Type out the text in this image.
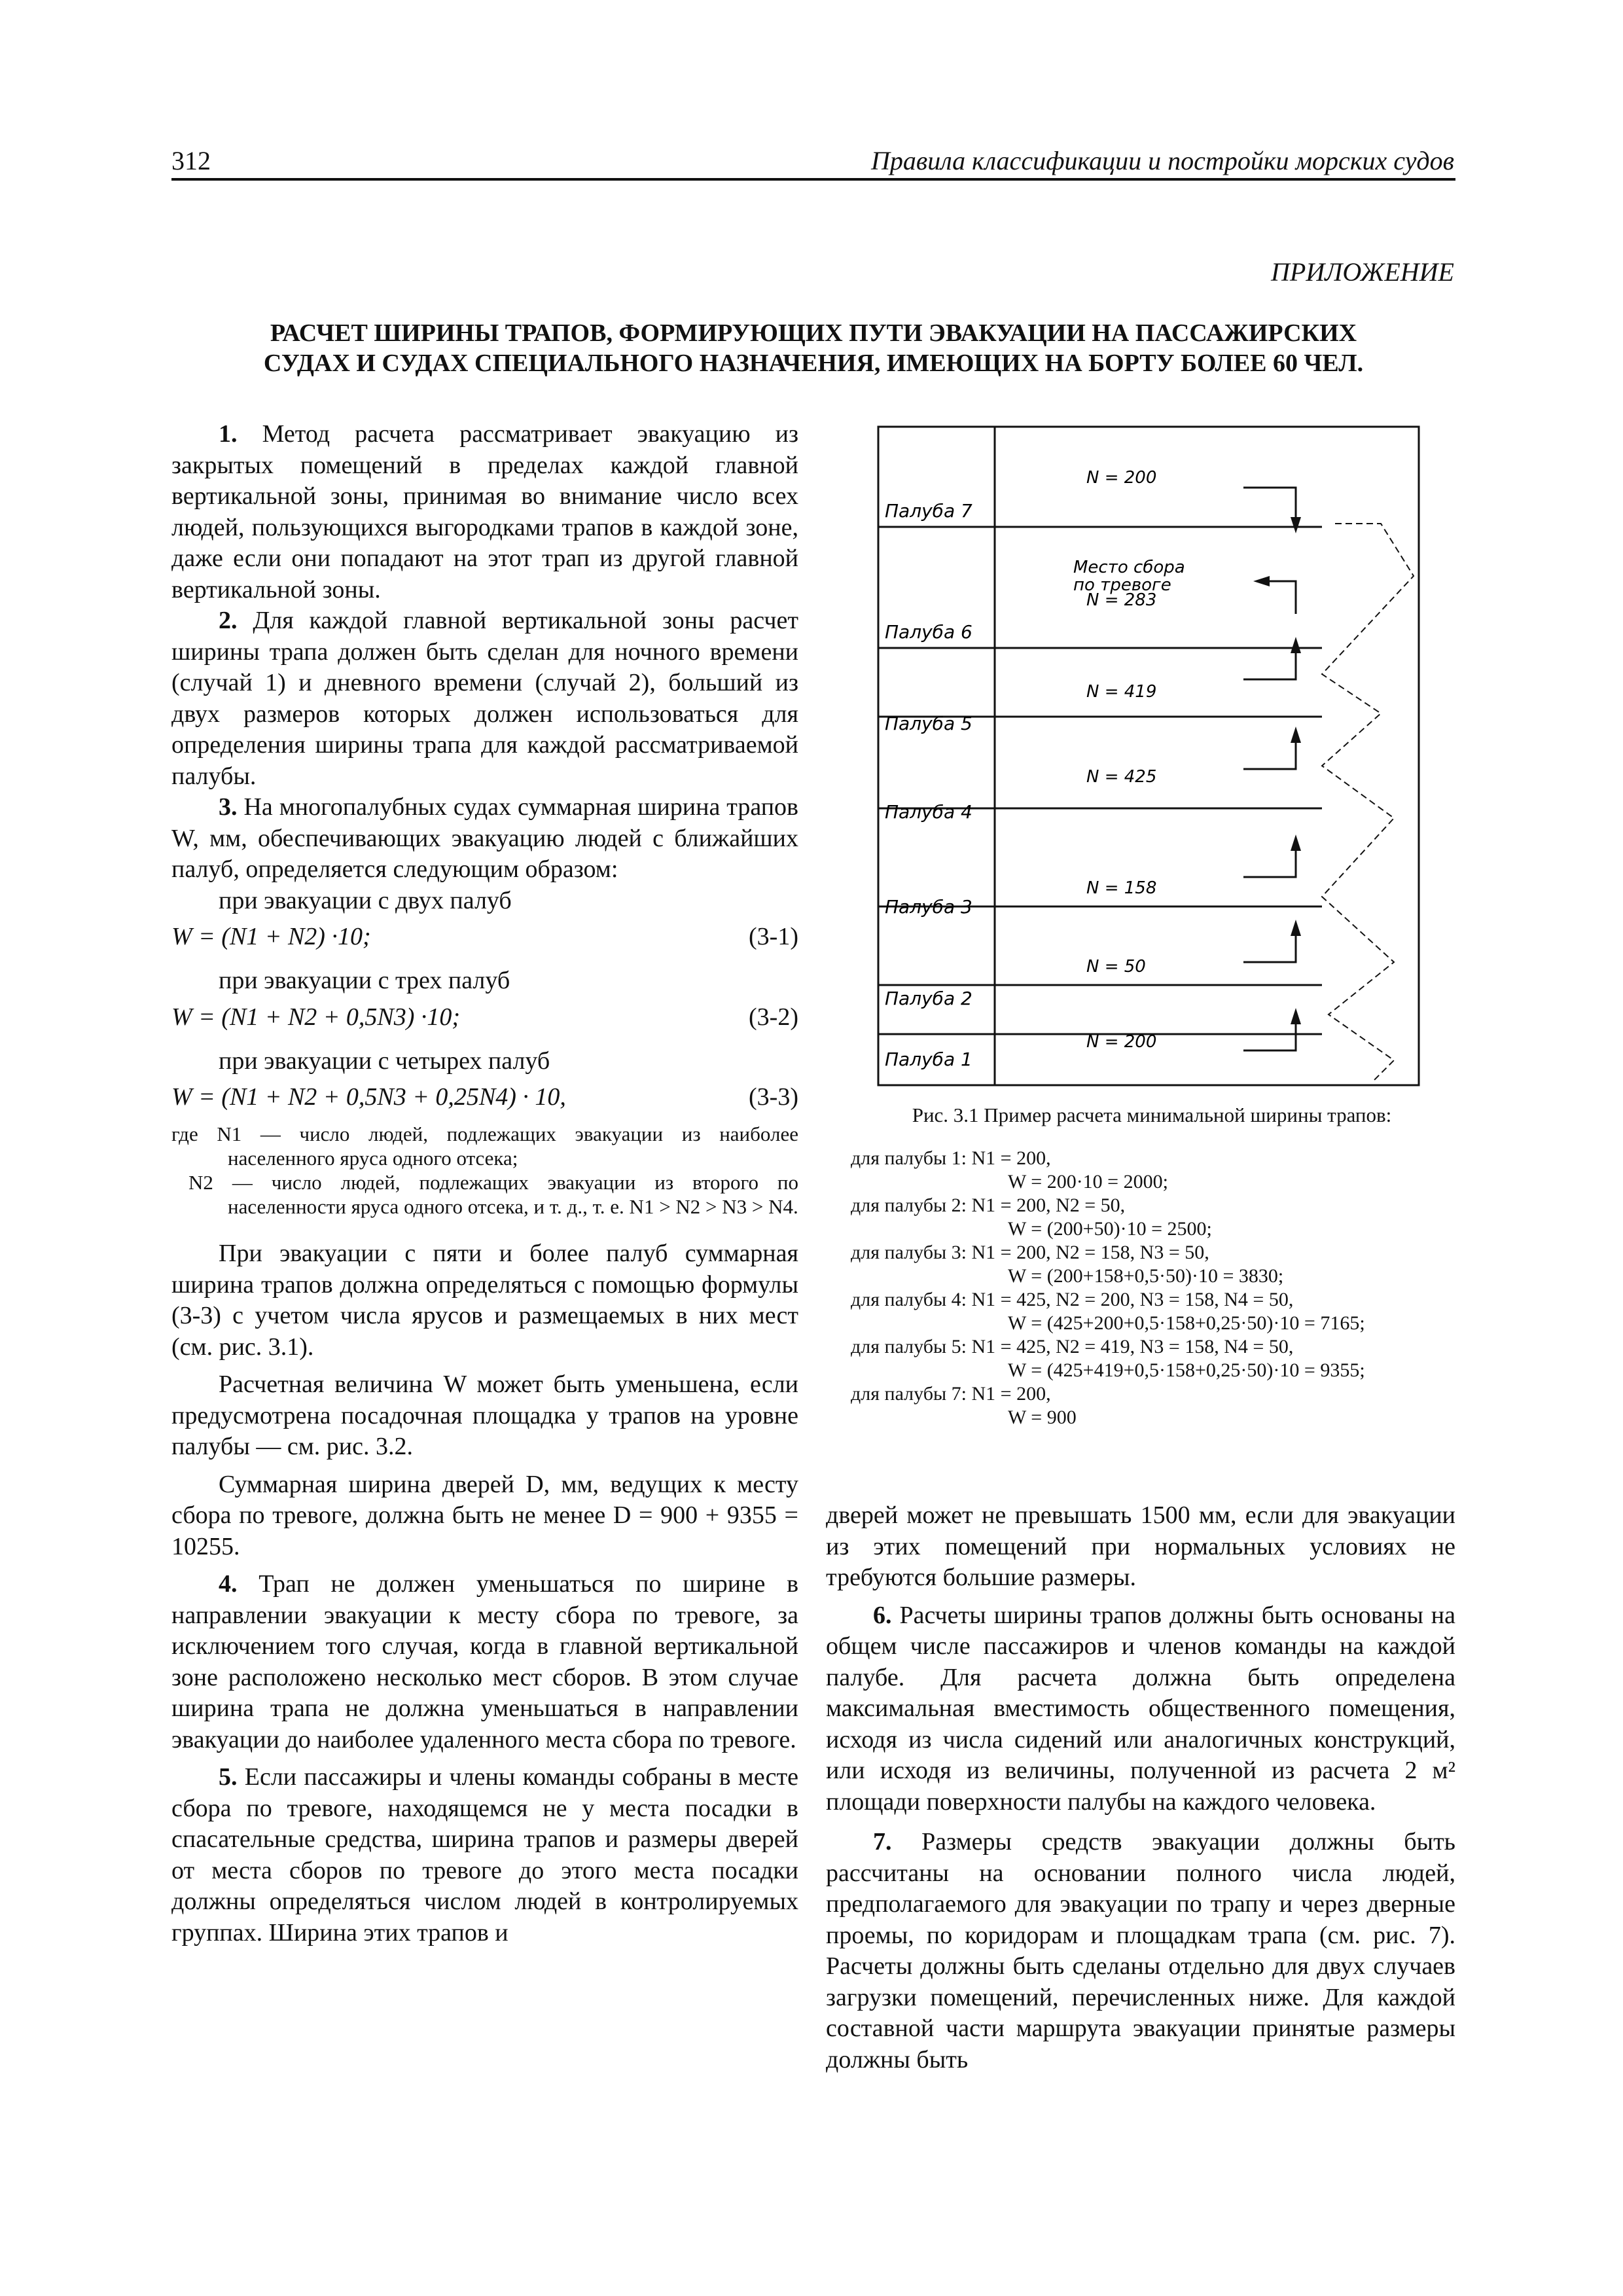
312	Правила классификации и постройки морских судов
ПРИЛОЖЕНИЕ
РАСЧЕТ ШИРИНЫ ТРАПОВ, ФОРМИРУЮЩИХ ПУТИ ЭВАКУАЦИИ НА ПАССАЖИРСКИХ
СУДАХ И СУДАХ СПЕЦИАЛЬНОГО НАЗНАЧЕНИЯ, ИМЕЮЩИХ НА БОРТУ БОЛЕЕ 60 ЧЕЛ.

1. Метод расчета рассматривает эвакуацию из закрытых помещений в пределах каждой главной вертикальной зоны, принимая во внимание число всех людей, пользующихся выгородками трапов в каждой зоне, даже если они попадают на этот трап из другой главной вертикальной зоны.

2. Для каждой главной вертикальной зоны расчет ширины трапа должен быть сделан для ночного времени (случай 1) и дневного времени (случай 2), больший из двух размеров которых должен использоваться для определения ширины трапа для каждой рассматриваемой палубы.

3. На многопалубных судах суммарная ширина трапов W, мм, обеспечивающих эвакуацию людей с ближайших палуб, определяется следующим образом:

при эвакуации с двух палуб

W = (N1 + N2) ·10;	(3-1)

при эвакуации с трех палуб

W = (N1 + N2 + 0,5N3) ·10;	(3-2)

при эвакуации с четырех палуб

W = (N1 + N2 + 0,5N3 + 0,25N4) · 10,	(3-3)
где N1 — число людей, подлежащих эвакуации из наиболее населенного яруса одного отсека;
N2 — число людей, подлежащих эвакуации из второго по населенности яруса одного отсека, и т. д., т. е. N1 > N2 > N3 > N4.

При эвакуации с пяти и более палуб суммарная ширина трапов должна определяться с помощью формулы (3-3) с учетом числа ярусов и размещаемых в них мест (см. рис. 3.1).

Расчетная величина W может быть уменьшена, если предусмотрена посадочная площадка у трапов на уровне палубы — см. рис. 3.2.

Суммарная ширина дверей D, мм, ведущих к месту сбора по тревоге, должна быть не менее D = 900 + 9355 = 10255.

4. Трап не должен уменьшаться по ширине в направлении эвакуации к месту сбора по тревоге, за исключением того случая, когда в главной вертикальной зоне расположено несколько мест сборов. В этом случае ширина трапа не должна уменьшаться в направлении эвакуации до наиболее удаленного места сбора по тревоге.

5. Если пассажиры и члены команды собраны в месте сбора по тревоге, находящемся не у места посадки в спасательные средства, ширина трапов и размеры дверей от места сборов по тревоге до этого места посадки должны определяться числом людей в контролируемых группах. Ширина этих трапов и

Палуба 7
Палуба 6
Палуба 5
Палуба 4
Палуба 3
Палуба 2
Палуба 1
N = 200
N = 283
N = 419
N = 425
N = 158
N = 50
N = 200
Место сбора
по тревоге
Рис. 3.1 Пример расчета минимальной ширины трапов:
для палубы 1: N1 = 200,
W = 200·10 = 2000;
для палубы 2: N1 = 200, N2 = 50,
W = (200+50)·10 = 2500;
для палубы 3: N1 = 200, N2 = 158, N3 = 50,
W = (200+158+0,5·50)·10 = 3830;
для палубы 4: N1 = 425, N2 = 200, N3 = 158, N4 = 50,
W = (425+200+0,5·158+0,25·50)·10 = 7165;
для палубы 5: N1 = 425, N2 = 419, N3 = 158, N4 = 50,
W = (425+419+0,5·158+0,25·50)·10 = 9355;
для палубы 7: N1 = 200,
W = 900

дверей может не превышать 1500 мм, если для эвакуации из этих помещений при нормальных условиях не требуются большие размеры.

6. Расчеты ширины трапов должны быть основаны на общем числе пассажиров и членов команды на каждой палубе. Для расчета должна быть определена максимальная вместимость общественного помещения, исходя из числа сидений или аналогичных конструкций, или исходя из величины, полученной из расчета 2 м² площади поверхности палубы на каждого человека.

7. Размеры средств эвакуации должны быть рассчитаны на основании полного числа людей, предполагаемого для эвакуации по трапу и через дверные проемы, по коридорам и площадкам трапа (см. рис. 7). Расчеты должны быть сделаны отдельно для двух случаев загрузки помещений, перечисленных ниже. Для каждой составной части маршрута эвакуации принятые размеры должны быть
